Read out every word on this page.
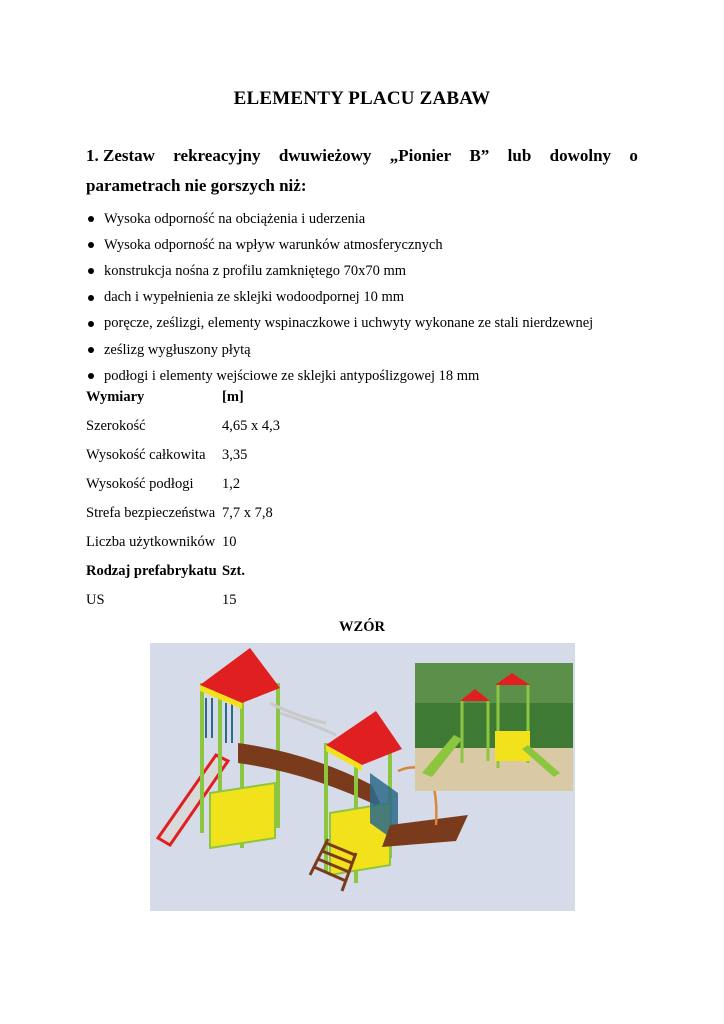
ELEMENTY PLACU ZABAW
1. Zestaw rekreacyjny dwuwieżowy „Pionier B” lub dowolny o
parametrach nie gorszych niż:
Wysoka odporność na obciążenia i uderzenia
Wysoka odporność na wpływ warunków atmosferycznych
konstrukcja nośna z profilu zamkniętego 70x70 mm
dach i wypełnienia ze sklejki wodoodpornej 10 mm
poręcze, ześlizgi, elementy wspinaczkowe i uchwyty wykonane ze stali nierdzewnej
ześlizg wygłuszony płytą
podłogi i elementy wejściowe ze sklejki antypoślizgowej 18 mm
Wymiary	[m]
Szerokość	4,65 x 4,3
Wysokość całkowita	3,35
Wysokość podłogi	1,2
Strefa bezpieczeństwa 7,7 x 7,8
Liczba użytkowników 10
Rodzaj prefabrykatu Szt.
US	15
WZÓR
